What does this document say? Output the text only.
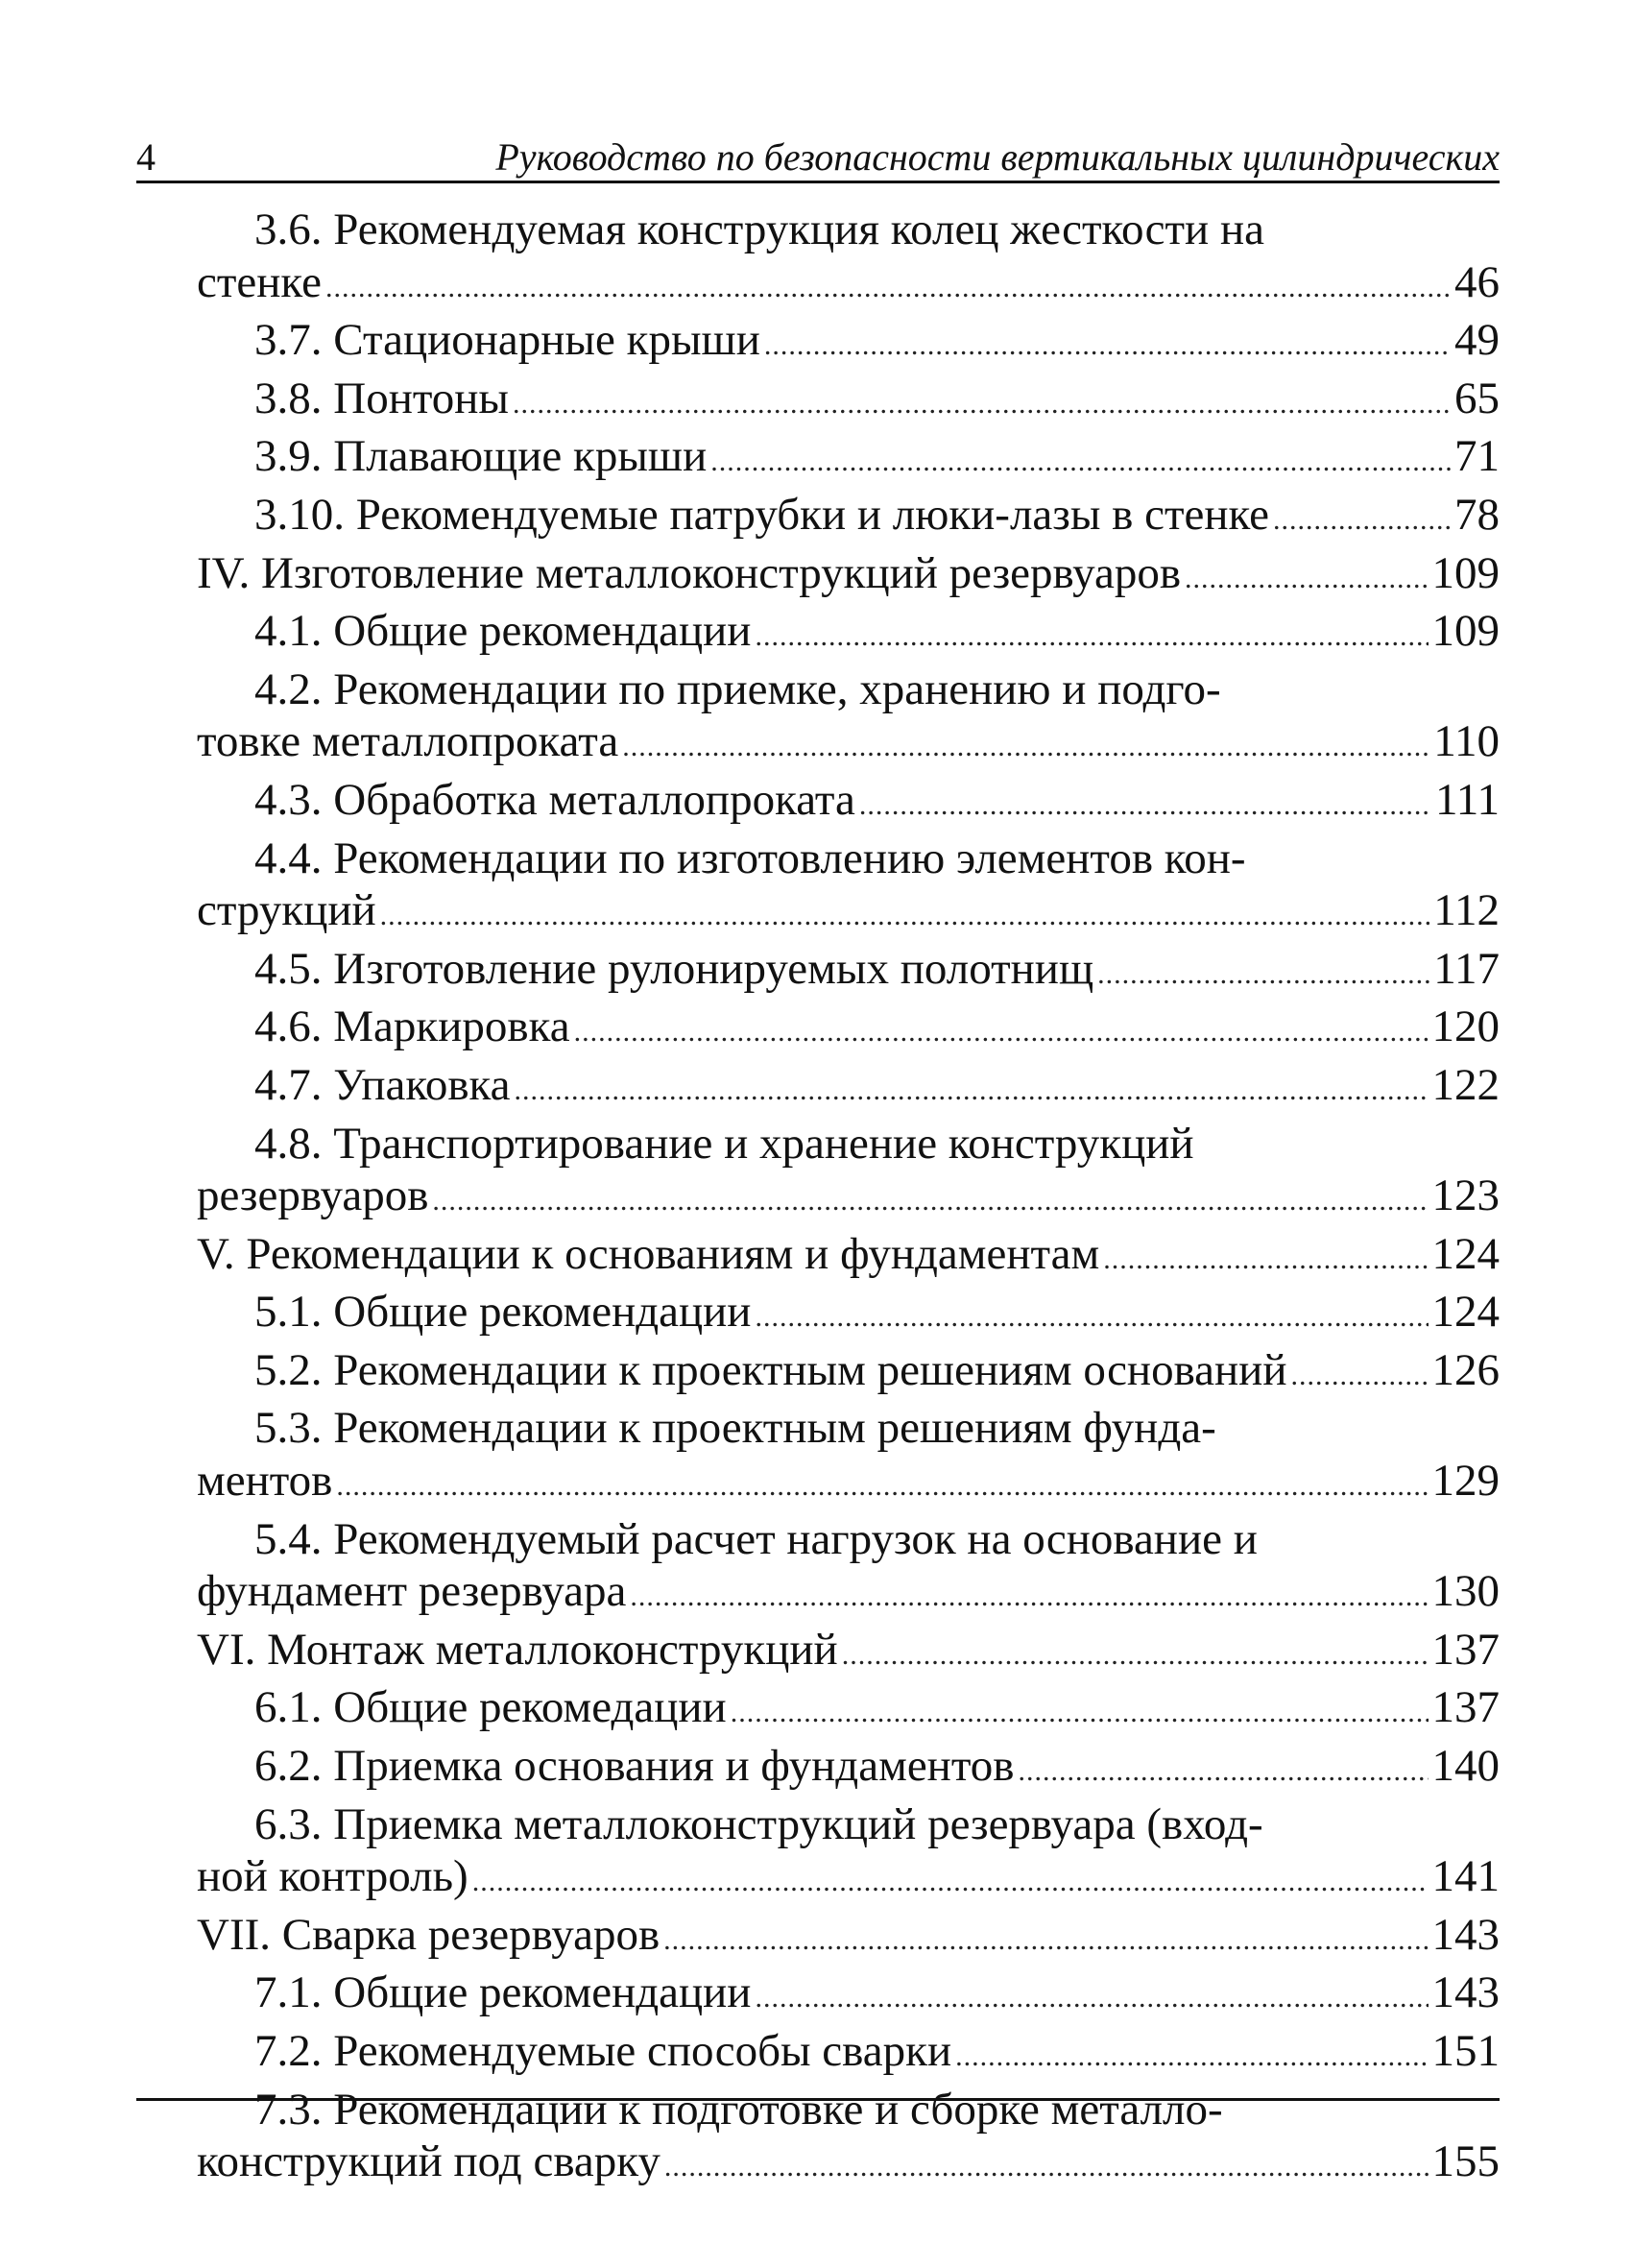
4	Руководство по безопасности вертикальных цилиндрических
3.6. Рекомендуемая конструкция колец жесткости на
стенке .....	46
3.7. Стационарные крыши .....	49
3.8. Понтоны .....	65
3.9. Плавающие крыши .....	71
3.10. Рекомендуемые патрубки и люки-лазы в стенке .....	78
IV. Изготовление металлоконструкций резервуаров .....	109
4.1. Общие рекомендации .....	109
4.2. Рекомендации по приемке, хранению и подго-
товке металлопроката .....	110
4.3. Обработка металлопроката .....	111
4.4. Рекомендации по изготовлению элементов кон-
струкций .....	112
4.5. Изготовление рулонируемых полотнищ .....	117
4.6. Маркировка .....	120
4.7. Упаковка .....	122
4.8. Транспортирование и хранение конструкций
резервуаров .....	123
V. Рекомендации к основаниям и фундаментам .....	124
5.1. Общие рекомендации .....	124
5.2. Рекомендации к проектным решениям оснований .....	126
5.3. Рекомендации к проектным решениям фунда-
ментов .....	129
5.4. Рекомендуемый расчет нагрузок на основание и
фундамент резервуара .....	130
VI. Монтаж металлоконструкций .....	137
6.1. Общие рекомедации .....	137
6.2. Приемка основания и фундаментов .....	140
6.3. Приемка металлоконструкций резервуара (вход-
ной контроль) .....	141
VII. Сварка резервуаров .....	143
7.1. Общие рекомендации .....	143
7.2. Рекомендуемые способы сварки .....	151
7.3. Рекомендации к подготовке и сборке металло-
конструкций под сварку .....	155
